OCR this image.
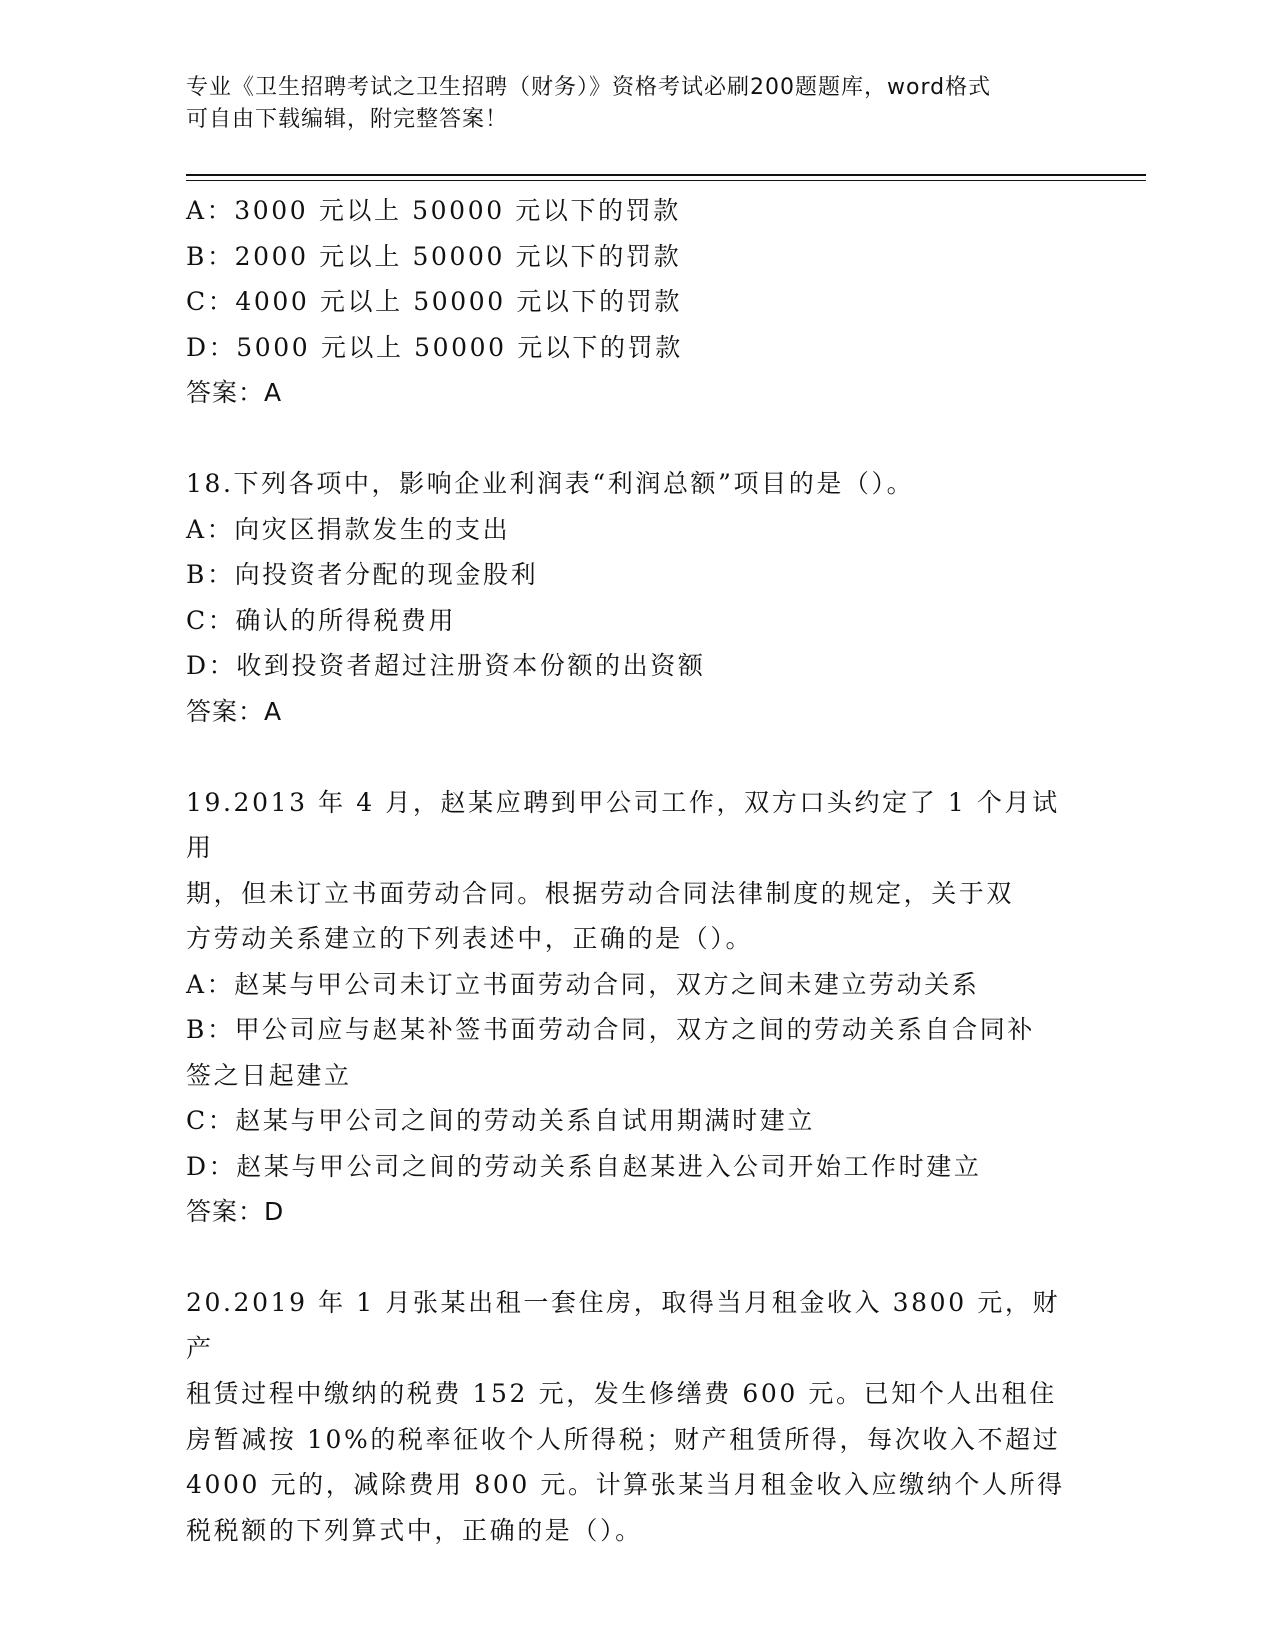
专业《卫生招聘考试之卫生招聘（财务）》资格考试必刷200题题库，word格式
可自由下载编辑，附完整答案！
A：3000 元以上 50000 元以下的罚款
B：2000 元以上 50000 元以下的罚款
C：4000 元以上 50000 元以下的罚款
D：5000 元以上 50000 元以下的罚款
答案：A
18.下列各项中，影响企业利润表“利润总额”项目的是（）。
A：向灾区捐款发生的支出
B：向投资者分配的现金股利
C：确认的所得税费用
D：收到投资者超过注册资本份额的出资额
答案：A
19.2013 年 4 月，赵某应聘到甲公司工作，双方口头约定了 1 个月试用
期，但未订立书面劳动合同。根据劳动合同法律制度的规定，关于双
方劳动关系建立的下列表述中，正确的是（）。
A：赵某与甲公司未订立书面劳动合同，双方之间未建立劳动关系
B：甲公司应与赵某补签书面劳动合同，双方之间的劳动关系自合同补
签之日起建立
C：赵某与甲公司之间的劳动关系自试用期满时建立
D：赵某与甲公司之间的劳动关系自赵某进入公司开始工作时建立
答案：D
20.2019 年 1 月张某出租一套住房，取得当月租金收入 3800 元，财产
租赁过程中缴纳的税费 152 元，发生修缮费 600 元。已知个人出租住
房暂减按 10%的税率征收个人所得税；财产租赁所得，每次收入不超过
4000 元的，减除费用 800 元。计算张某当月租金收入应缴纳个人所得
税税额的下列算式中，正确的是（）。
